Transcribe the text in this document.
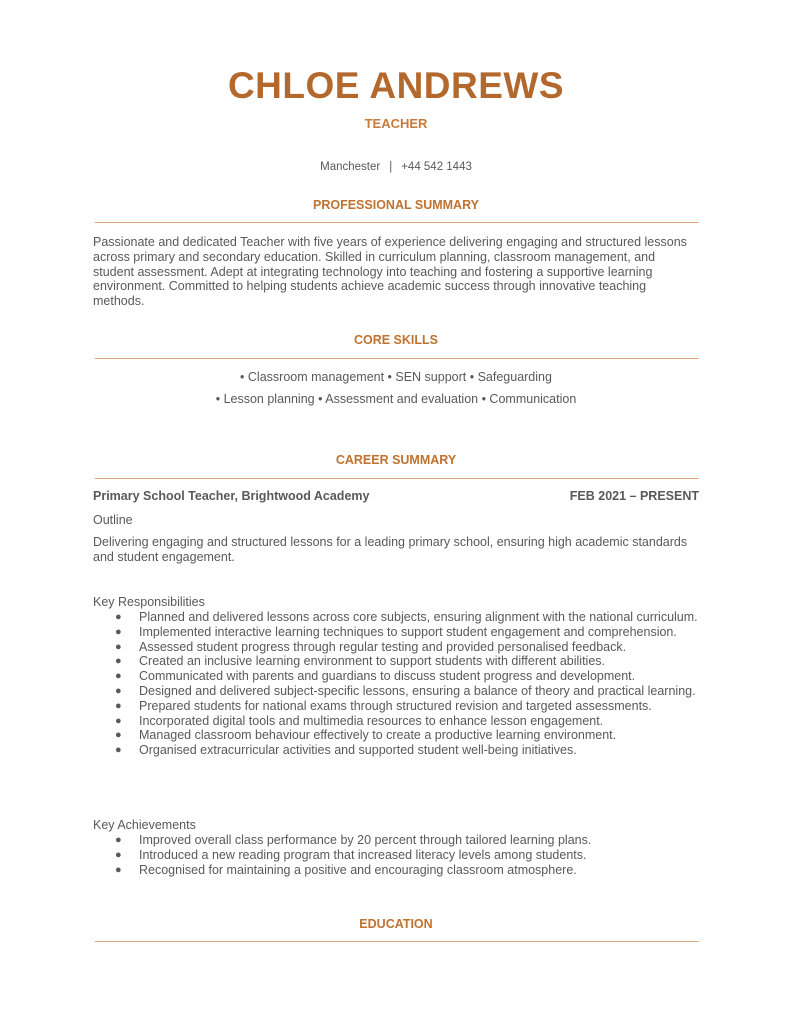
CHLOE ANDREWS
TEACHER
Manchester | +44 542 1443
PROFESSIONAL SUMMARY

Passionate and dedicated Teacher with five years of experience delivering engaging and structured lessons across primary and secondary education. Skilled in curriculum planning, classroom management, and student assessment. Adept at integrating technology into teaching and fostering a supportive learning environment. Committed to helping students achieve academic success through innovative teaching methods.

CORE SKILLS
• Classroom management • SEN support • Safeguarding
• Lesson planning • Assessment and evaluation • Communication
CAREER SUMMARY
Primary School Teacher, Brightwood Academy	FEB 2021 – PRESENT
Outline

Delivering engaging and structured lessons for a leading primary school, ensuring high academic standards and student engagement.

Key Responsibilities
● Planned and delivered lessons across core subjects, ensuring alignment with the national curriculum.
● Implemented interactive learning techniques to support student engagement and comprehension.
● Assessed student progress through regular testing and provided personalised feedback.
● Created an inclusive learning environment to support students with different abilities.
● Communicated with parents and guardians to discuss student progress and development.
● Designed and delivered subject-specific lessons, ensuring a balance of theory and practical learning.
● Prepared students for national exams through structured revision and targeted assessments.
● Incorporated digital tools and multimedia resources to enhance lesson engagement.
● Managed classroom behaviour effectively to create a productive learning environment.
● Organised extracurricular activities and supported student well-being initiatives.
Key Achievements
● Improved overall class performance by 20 percent through tailored learning plans.
● Introduced a new reading program that increased literacy levels among students.
● Recognised for maintaining a positive and encouraging classroom atmosphere.
EDUCATION
